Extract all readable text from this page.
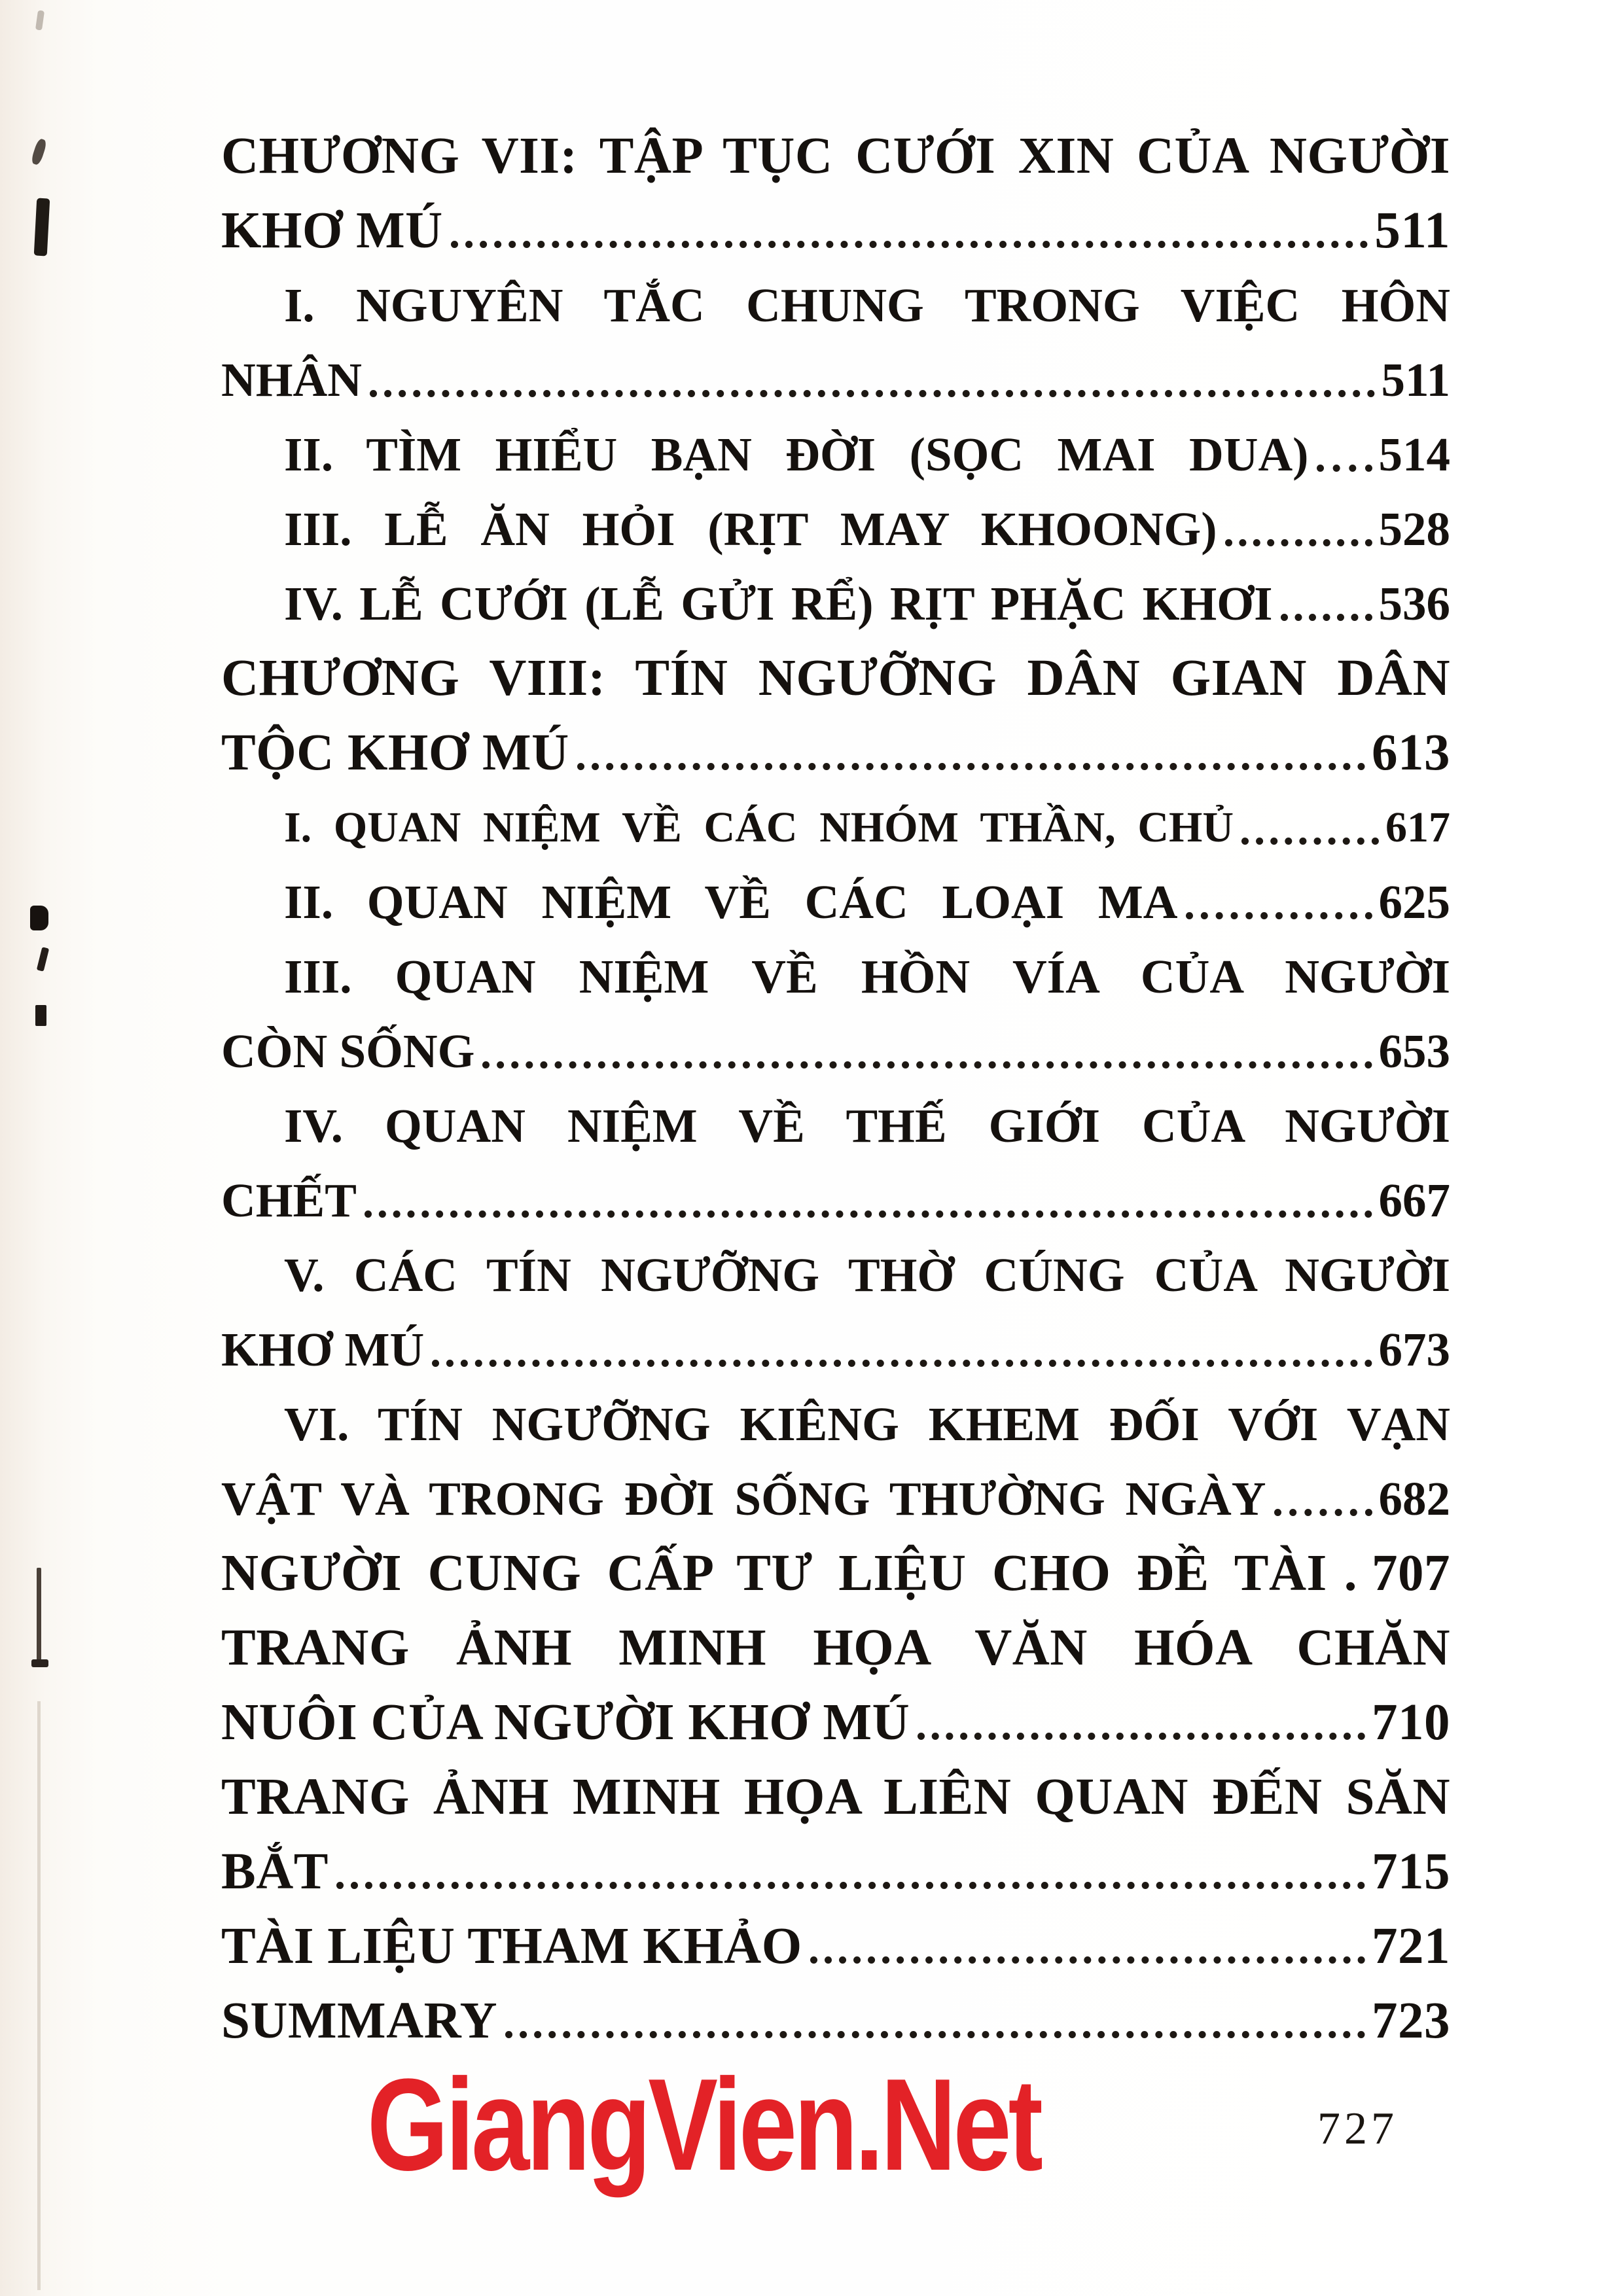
CHƯƠNG VII: TẬP TỤC CƯỚI XIN CỦA NGƯỜI
KHƠ MÚ	511
I. NGUYÊN TẮC CHUNG TRONG VIỆC HÔN
NHÂN	511
II. TÌM HIỂU BẠN ĐỜI (SỌC MAI DUA) 514
III. LỄ ĂN HỎI (RỊT MAY KHOONG)	528
IV. LỄ CƯỚI (LỄ GỬI RỂ) RỊT PHẶC KHƠI 536
CHƯƠNG VIII: TÍN NGƯỠNG DÂN GIAN DÂN
TỘC KHƠ MÚ	613
I. QUAN NIỆM VỀ CÁC NHÓM THẦN, CHỦ	617
II. QUAN NIỆM VỀ CÁC LOẠI MA	625
III. QUAN NIỆM VỀ HỒN VÍA CỦA NGƯỜI
CÒN SỐNG	653
IV. QUAN NIỆM VỀ THẾ GIỚI CỦA NGƯỜI
CHẾT	667
V. CÁC TÍN NGƯỠNG THỜ CÚNG CỦA NGƯỜI
KHƠ MÚ	673
VI. TÍN NGƯỠNG KIÊNG KHEM ĐỐI VỚI VẠN
VẬT VÀ TRONG ĐỜI SỐNG THƯỜNG NGÀY 682
NGƯỜI CUNG CẤP TƯ LIỆU CHO ĐỀ TÀI . 707
TRANG ẢNH MINH HỌA VĂN HÓA CHĂN
NUÔI CỦA NGƯỜI KHƠ MÚ	710
TRANG ẢNH MINH HỌA LIÊN QUAN ĐẾN SĂN
BẮT	715
TÀI LIỆU THAM KHẢO	721
SUMMARY	723
GiangVien.Net	727
